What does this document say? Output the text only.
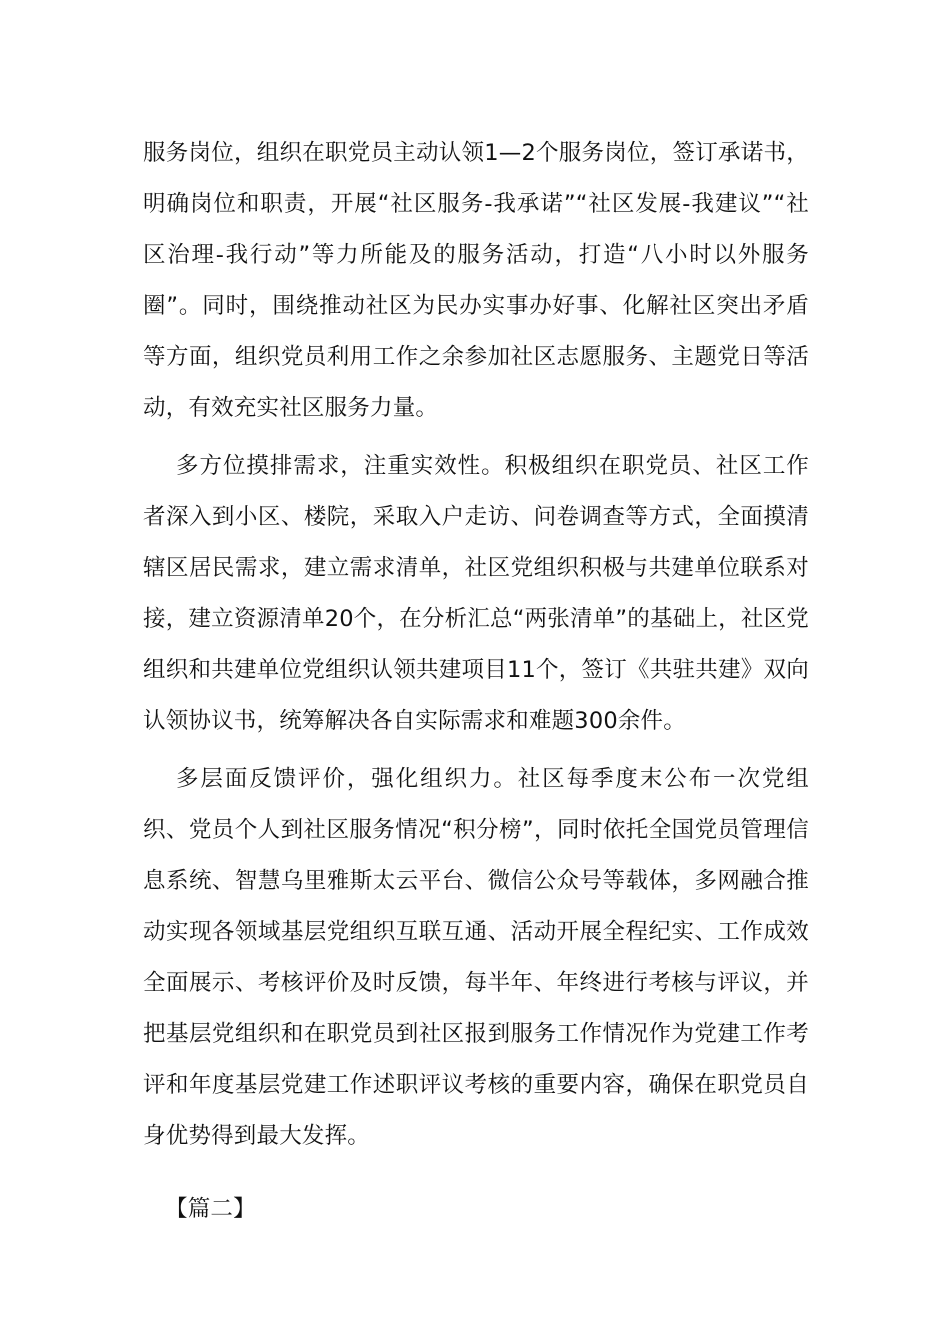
服务岗位，组织在职党员主动认领1—2个服务岗位，签订承诺书，明确岗位和职责，开展“社区服务-我承诺”“社区发展-我建议”“社区治理-我行动”等力所能及的服务活动，打造“八小时以外服务圈”。同时，围绕推动社区为民办实事办好事、化解社区突出矛盾等方面，组织党员利用工作之余参加社区志愿服务、主题党日等活动，有效充实社区服务力量。

多方位摸排需求，注重实效性。积极组织在职党员、社区工作者深入到小区、楼院，采取入户走访、问卷调查等方式，全面摸清辖区居民需求，建立需求清单，社区党组织积极与共建单位联系对接，建立资源清单20个，在分析汇总“两张清单”的基础上，社区党组织和共建单位党组织认领共建项目11个，签订《共驻共建》双向认领协议书，统筹解决各自实际需求和难题300余件。

多层面反馈评价，强化组织力。社区每季度末公布一次党组织、党员个人到社区服务情况“积分榜”，同时依托全国党员管理信息系统、智慧乌里雅斯太云平台、微信公众号等载体，多网融合推动实现各领域基层党组织互联互通、活动开展全程纪实、工作成效全面展示、考核评价及时反馈，每半年、年终进行考核与评议，并把基层党组织和在职党员到社区报到服务工作情况作为党建工作考评和年度基层党建工作述职评议考核的重要内容，确保在职党员自身优势得到最大发挥。

【篇二】
